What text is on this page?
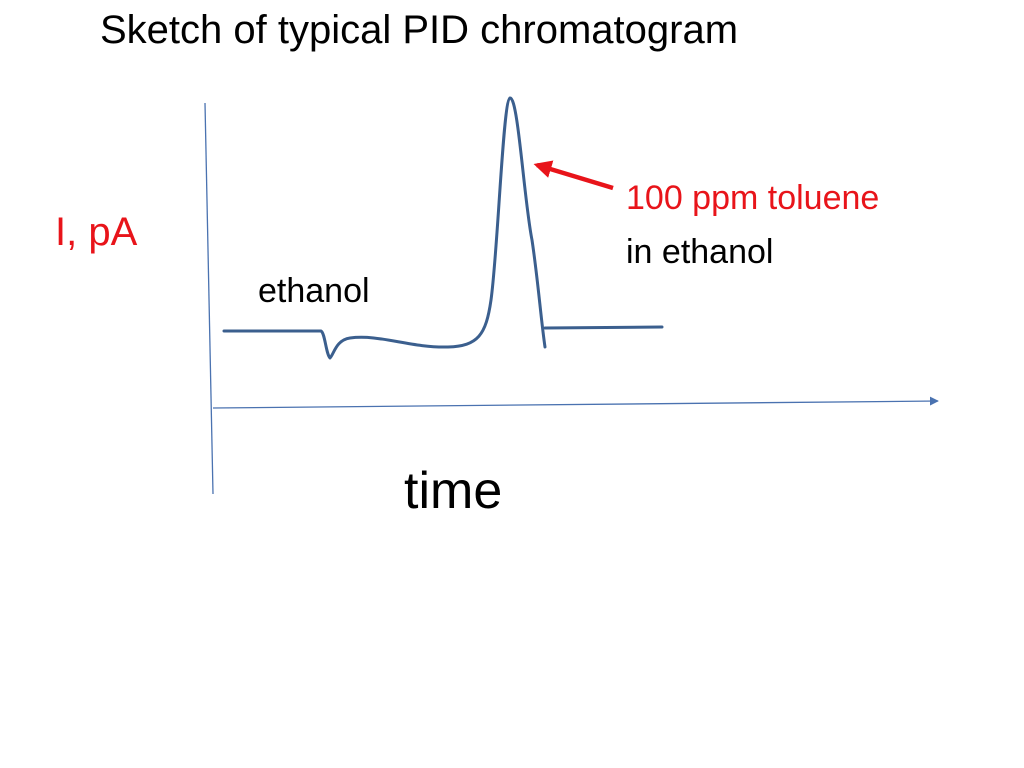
Sketch of typical PID chromatogram
I, pA
ethanol
100 ppm toluene
in ethanol
time
